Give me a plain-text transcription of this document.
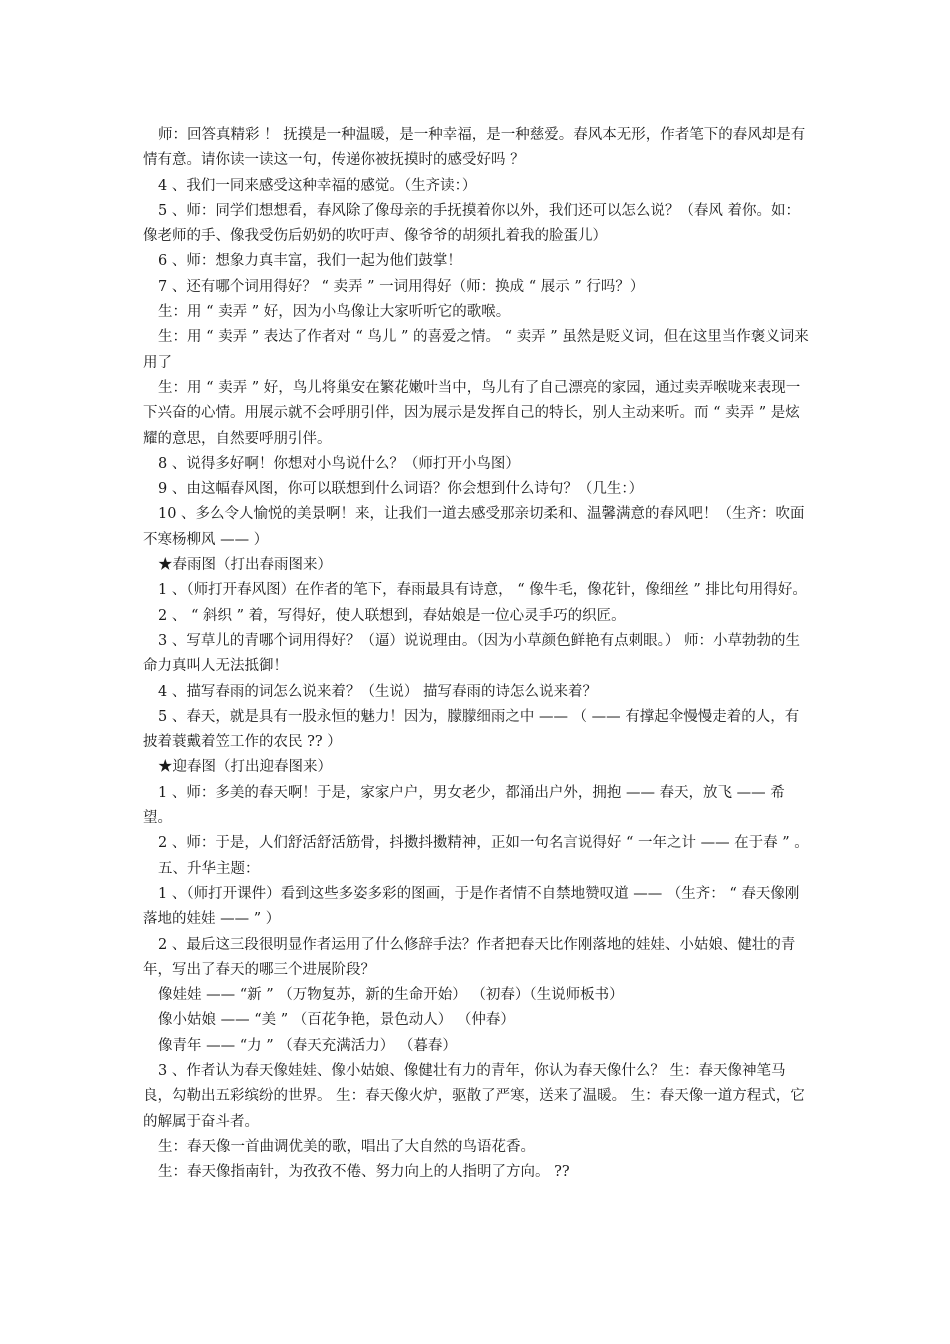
师：回答真精彩 ！ 抚摸是一种温暖，是一种幸福，是一种慈爱。春风本无形，作者笔下的春风却是有情有意。请你读一读这一句，传递你被抚摸时的感受好吗 ？

4 、我们一同来感受这种幸福的感觉。（生齐读：）

5 、师：同学们想想看，春风除了像母亲的手抚摸着你以外，我们还可以怎么说？（春风 着你。如：像老师的手、像我受伤后奶奶的吹吁声、像爷爷的胡须扎着我的脸蛋儿）

6 、师：想象力真丰富，我们一起为他们鼓掌！

7 、还有哪个词用得好？ “ 卖弄 ” 一词用得好（师：换成 “ 展示 ” 行吗？）

生：用 “ 卖弄 ” 好，因为小鸟像让大家听听它的歌喉。

生：用 “ 卖弄 ” 表达了作者对 “ 鸟儿 ” 的喜爱之情。 “ 卖弄 ” 虽然是贬义词，但在这里当作褒义词来用了

生：用 “ 卖弄 ” 好，鸟儿将巢安在繁花嫩叶当中，鸟儿有了自己漂亮的家园，通过卖弄喉咙来表现一下兴奋的心情。用展示就不会呼朋引伴，因为展示是发挥自己的特长，别人主动来听。而 “ 卖弄 ” 是炫耀的意思，自然要呼朋引伴。

8 、说得多好啊！你想对小鸟说什么？（师打开小鸟图）

9 、由这幅春风图，你可以联想到什么词语？你会想到什么诗句？（几生：）

10 、多么令人愉悦的美景啊！来，让我们一道去感受那亲切柔和、温馨满意的春风吧！（生齐：吹面不寒杨柳风 —— ）

★春雨图（打出春雨图来）

1 、（师打开春风图）在作者的笔下，春雨最具有诗意， “ 像牛毛，像花针，像细丝 ” 排比句用得好。

2 、 “ 斜织 ” 着，写得好，使人联想到，春姑娘是一位心灵手巧的织匠。

3 、写草儿的青哪个词用得好？（逼）说说理由。（因为小草颜色鲜艳有点刺眼。） 师：小草勃勃的生命力真叫人无法抵御！

4 、描写春雨的词怎么说来着？（生说） 描写春雨的诗怎么说来着？

5 、春天，就是具有一股永恒的魅力！因为，朦朦细雨之中 —— （ —— 有撑起伞慢慢走着的人，有披着蓑戴着笠工作的农民 ?? ）

★迎春图（打出迎春图来）

1 、师：多美的春天啊！于是，家家户户，男女老少，都涌出户外，拥抱 —— 春天，放飞 —— 希望。

2 、师：于是，人们舒活舒活筋骨，抖擞抖擞精神，正如一句名言说得好 “ 一年之计 —— 在于春 ” 。

五、升华主题：

1 、（师打开课件）看到这些多姿多彩的图画，于是作者情不自禁地赞叹道 —— （生齐： “ 春天像刚落地的娃娃 —— ” ）

2 、最后这三段很明显作者运用了什么修辞手法？作者把春天比作刚落地的娃娃、小姑娘、健壮的青年，写出了春天的哪三个进展阶段？

像娃娃 —— “新 ” （万物复苏，新的生命开始） （初春）（生说师板书）

像小姑娘 —— “美 ” （百花争艳，景色动人） （仲春）

像青年 —— “力 ” （春天充满活力） （暮春）

3 、作者认为春天像娃娃、像小姑娘、像健壮有力的青年，你认为春天像什么？ 生：春天像神笔马良，勾勒出五彩缤纷的世界。 生：春天像火炉，驱散了严寒，送来了温暖。 生：春天像一道方程式，它的解属于奋斗者。

生：春天像一首曲调优美的歌，唱出了大自然的鸟语花香。

生：春天像指南针，为孜孜不倦、努力向上的人指明了方向。 ??
